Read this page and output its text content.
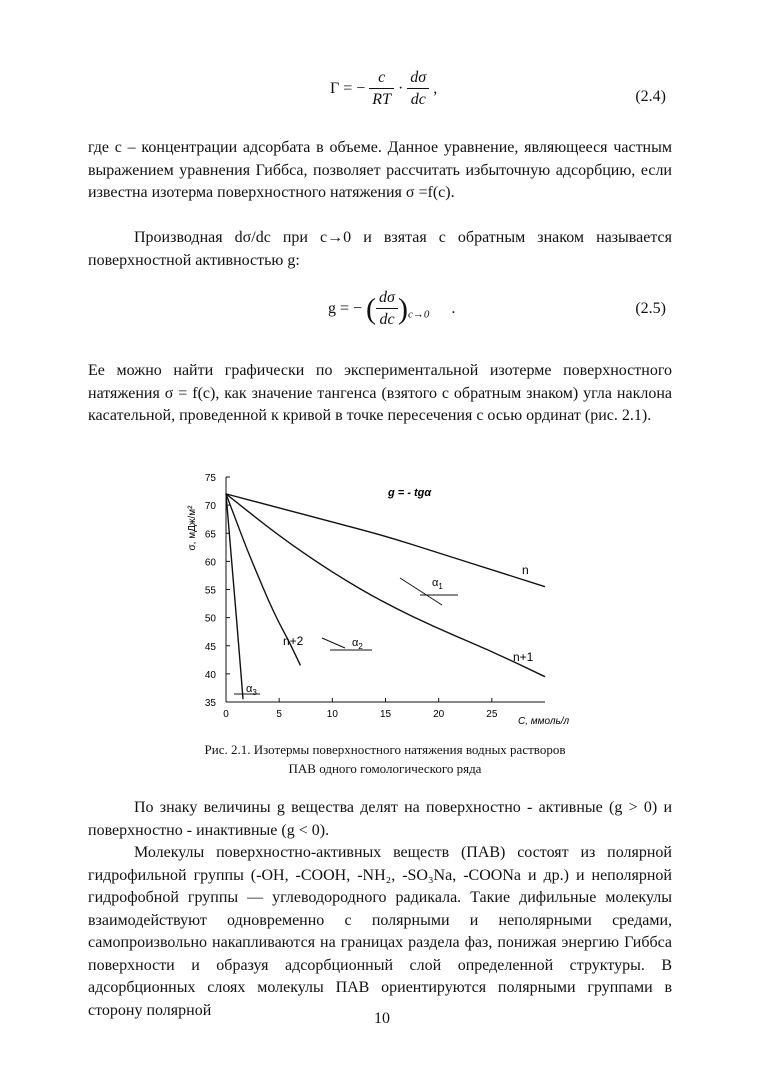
Γ = − $\frac{c}{RT} \cdot \frac{d\sigma}{dc}$ ,	(2.4)

где c – концентрации адсорбата в объеме. Данное уравнение, являющееся частным выражением уравнения Гиббса, позволяет рассчитать избыточную адсорбцию, если известна изотерма поверхностного натяжения σ =f(c).

Производная dσ/dc при c→0 и взятая с обратным знаком называется поверхностной активностью g:

g = − ( $\frac{d\sigma}{dc} )_{c\to 0}$ .	(2.5)

Ее можно найти графически по экспериментальной изотерме поверхностного натяжения σ = f(c), как значение тангенса (взятого с обратным знаком) угла наклона касательной, проведенной к кривой в точке пересечения с осью ординат (рис. 2.1).

35
40
45
50
55
60
65
70
75
0	5	10	15	20	25
σ, мДж/м²
C, ммоль/л
g = - tgα
n
n+1
n+2
$\alpha_1$
$\alpha_2$
$\alpha_3$
Рис. 2.1. Изотермы поверхностного натяжения водных растворов
ПАВ одного гомологического ряда

По знаку величины g вещества делят на поверхностно - активные (g > 0) и поверхностно - инактивные (g < 0).

Молекулы поверхностно-активных веществ (ПАВ) состоят из полярной гидрофильной группы (-OH, -COOH, -NH₂, -SO₃Na, -COONa и др.) и неполярной гидрофобной группы — углеводородного радикала. Такие дифильные молекулы взаимодействуют одновременно с полярными и неполярными средами, самопроизвольно накапливаются на границах раздела фаз, понижая энергию Гиббса поверхности и образуя адсорбционный слой определенной структуры. В адсорбционных слоях молекулы ПАВ ориентируются полярными группами в сторону полярной	10
